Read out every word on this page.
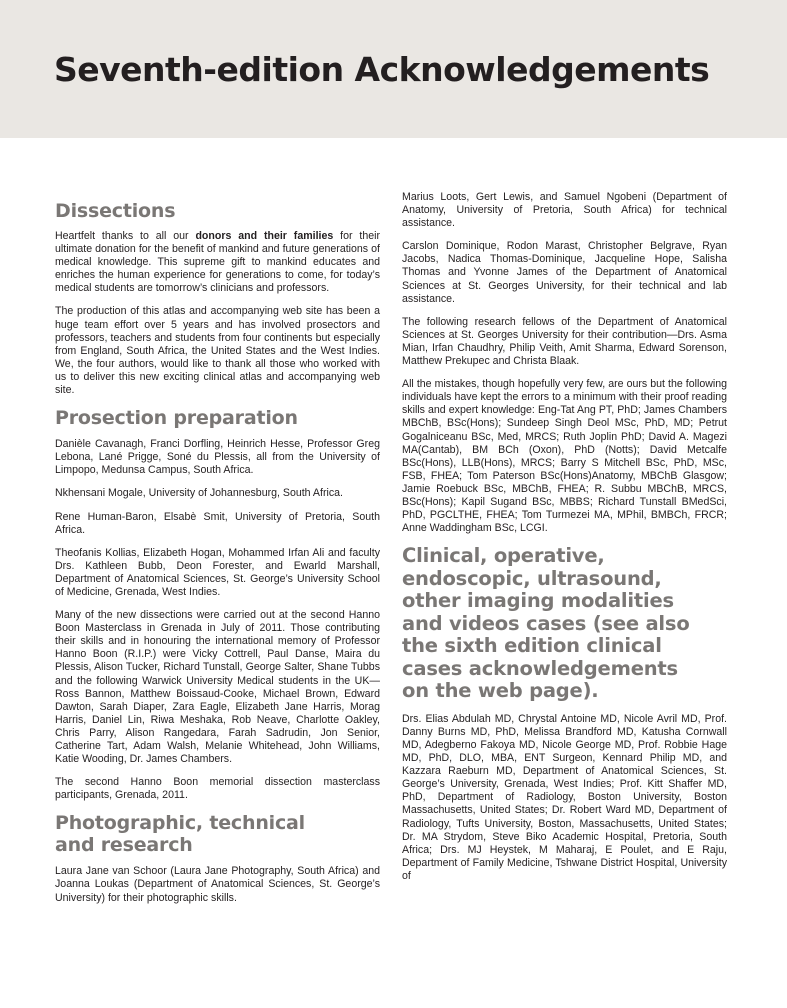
Seventh-edition Acknowledgements
Dissections

Heartfelt thanks to all our donors and their families for their ultimate donation for the benefit of mankind and future generations of medical knowledge. This supreme gift to mankind educates and enriches the human experience for generations to come, for today’s medical students are tomorrow’s clinicians and professors.

The production of this atlas and accompanying web site has been a huge team effort over 5 years and has involved prosectors and professors, teachers and students from four continents but especially from England, South Africa, the United States and the West Indies. We, the four authors, would like to thank all those who worked with us to deliver this new exciting clinical atlas and accompanying web site.

Prosection preparation

Danièle Cavanagh, Franci Dorfling, Heinrich Hesse, Professor Greg Lebona, Lané Prigge, Soné du Plessis, all from the University of Limpopo, Medunsa Campus, South Africa.

Nkhensani Mogale, University of Johannesburg, South Africa.

Rene Human-Baron, Elsabè Smit, University of Pretoria, South Africa.

Theofanis Kollias, Elizabeth Hogan, Mohammed Irfan Ali and faculty Drs. Kathleen Bubb, Deon Forester, and Ewarld Marshall, Department of Anatomical Sciences, St. George’s University School of Medicine, Grenada, West Indies.

Many of the new dissections were carried out at the second Hanno Boon Masterclass in Grenada in July of 2011. Those contributing their skills and in honouring the international memory of Professor Hanno Boon (R.I.P.) were Vicky Cottrell, Paul Danse, Maira du Plessis, Alison Tucker, Richard Tunstall, George Salter, Shane Tubbs and the following Warwick University Medical students in the UK—Ross Bannon, Matthew Boissaud-Cooke, Michael Brown, Edward Dawton, Sarah Diaper, Zara Eagle, Elizabeth Jane Harris, Morag Harris, Daniel Lin, Riwa Meshaka, Rob Neave, Charlotte Oakley, Chris Parry, Alison Rangedara, Farah Sadrudin, Jon Senior, Catherine Tart, Adam Walsh, Melanie Whitehead, John Williams, Katie Wooding, Dr. James Chambers.

The second Hanno Boon memorial dissection masterclass participants, Grenada, 2011.

Photographic, technical
and research

Laura Jane van Schoor (Laura Jane Photography, South Africa) and Joanna Loukas (Department of Anatomical Sciences, St. George’s University) for their photographic skills.

Marius Loots, Gert Lewis, and Samuel Ngobeni (Department of Anatomy, University of Pretoria, South Africa) for technical assistance.

Carslon Dominique, Rodon Marast, Christopher Belgrave, Ryan Jacobs, Nadica Thomas-Dominique, Jacqueline Hope, Salisha Thomas and Yvonne James of the Department of Anatomical Sciences at St. Georges University, for their technical and lab assistance.

The following research fellows of the Department of Anatomical Sciences at St. Georges University for their contribution—Drs. Asma Mian, Irfan Chaudhry, Philip Veith, Amit Sharma, Edward Sorenson, Matthew Prekupec and Christa Blaak.

All the mistakes, though hopefully very few, are ours but the following individuals have kept the errors to a minimum with their proof reading skills and expert knowledge: Eng-Tat Ang PT, PhD; James Chambers MBChB, BSc(Hons); Sundeep Singh Deol MSc, PhD, MD; Petrut Gogalniceanu BSc, Med, MRCS; Ruth Joplin PhD; David A. Magezi MA(Cantab), BM BCh (Oxon), PhD (Notts); David Metcalfe BSc(Hons), LLB(Hons), MRCS; Barry S Mitchell BSc, PhD, MSc, FSB, FHEA; Tom Paterson BSc(Hons)Anatomy, MBChB Glasgow; Jamie Roebuck BSc, MBChB, FHEA; R. Subbu MBChB, MRCS, BSc(Hons); Kapil Sugand BSc, MBBS; Richard Tunstall BMedSci, PhD, PGCLTHE, FHEA; Tom Turmezei MA, MPhil, BMBCh, FRCR; Anne Waddingham BSc, LCGI.

Clinical, operative,
endoscopic, ultrasound,
other imaging modalities
and videos cases (see also
the sixth edition clinical
cases acknowledgements
on the web page).

Drs. Elias Abdulah MD, Chrystal Antoine MD, Nicole Avril MD, Prof. Danny Burns MD, PhD, Melissa Brandford MD, Katusha Cornwall MD, Adegberno Fakoya MD, Nicole George MD, Prof. Robbie Hage MD, PhD, DLO, MBA, ENT Surgeon, Kennard Philip MD, and Kazzara Raeburn MD, Department of Anatomical Sciences, St. George’s University, Grenada, West Indies; Prof. Kitt Shaffer MD, PhD, Department of Radiology, Boston University, Boston Massachusetts, United States; Dr. Robert Ward MD, Department of Radiology, Tufts University, Boston, Massachusetts, United States; Dr. MA Strydom, Steve Biko Academic Hospital, Pretoria, South Africa; Drs. MJ Heystek, M Maharaj, E Poulet, and E Raju, Department of Family Medicine, Tshwane District Hospital, University of
